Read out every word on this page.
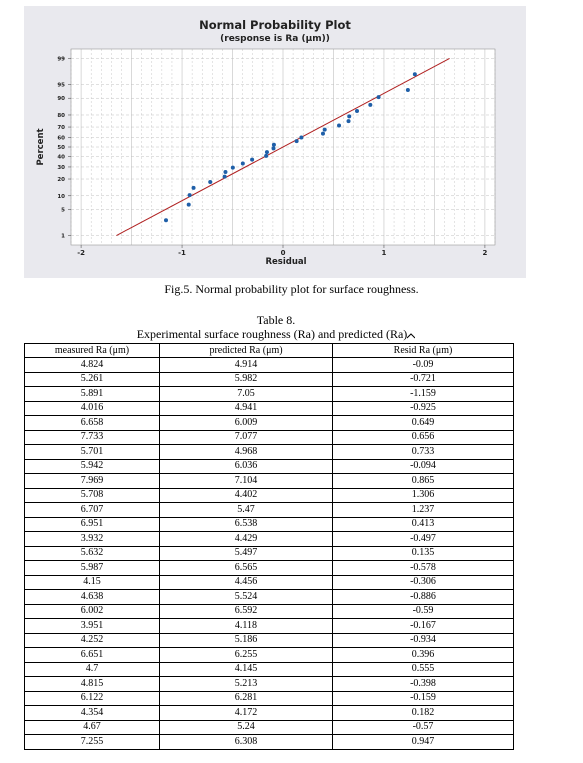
-2	-1	0	1	2
1
5
10
20
30
40
50
60
70
80
90
95
99
Normal Probability Plot
(response is Ra (μm))
Residual
Percent
Fig.5. Normal probability plot for surface roughness.
Table 8.
Experimental surface roughness (Ra) and predicted (Ra)
measured Ra (μm)	predicted Ra (μm)	Resid Ra (μm)
4.824	4.914	-0.09
5.261	5.982	-0.721
5.891	7.05	-1.159
4.016	4.941	-0.925
6.658	6.009	0.649
7.733	7.077	0.656
5.701	4.968	0.733
5.942	6.036	-0.094
7.969	7.104	0.865
5.708	4.402	1.306
6.707	5.47	1.237
6.951	6.538	0.413
3.932	4.429	-0.497
5.632	5.497	0.135
5.987	6.565	-0.578
4.15	4.456	-0.306
4.638	5.524	-0.886
6.002	6.592	-0.59
3.951	4.118	-0.167
4.252	5.186	-0.934
6.651	6.255	0.396
4.7	4.145	0.555
4.815	5.213	-0.398
6.122	6.281	-0.159
4.354	4.172	0.182
4.67	5.24	-0.57
7.255	6.308	0.947
